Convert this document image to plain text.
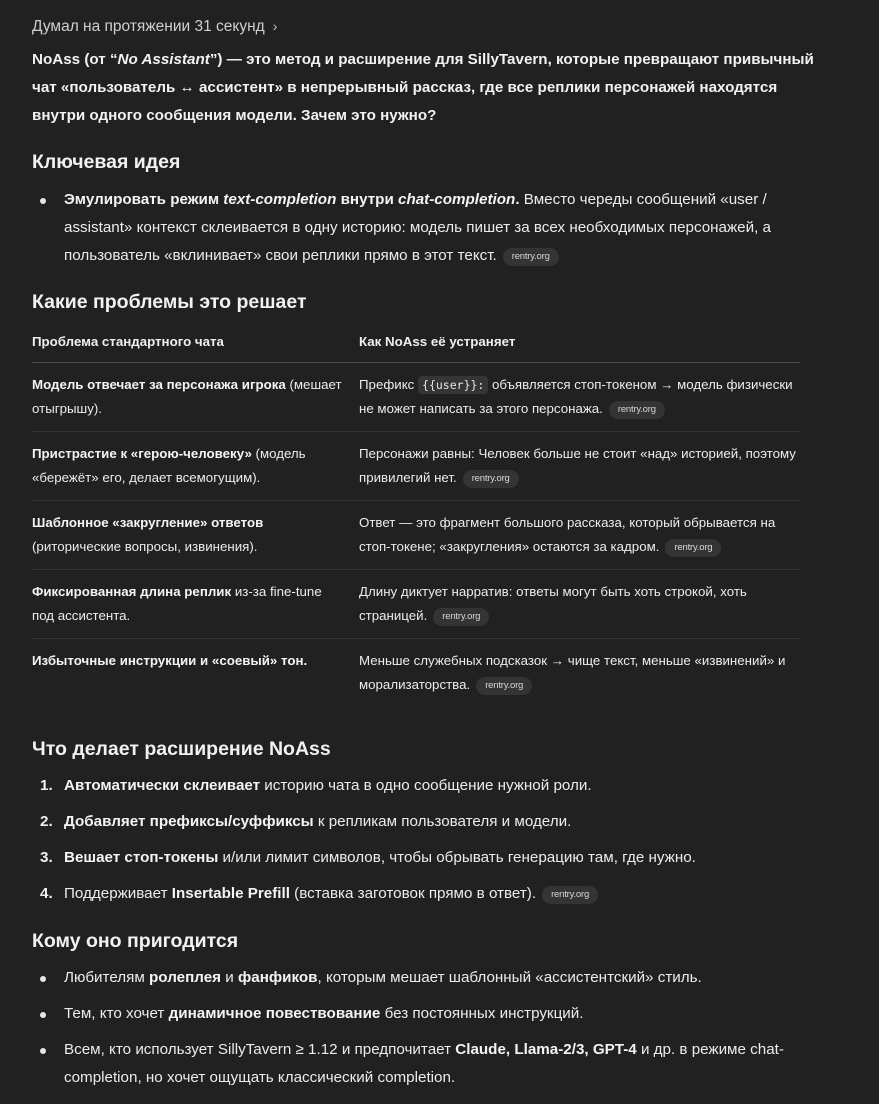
Думал на протяжении 31 секунд ›

NoAss (от “No Assistant”) — это метод и расширение для SillyTavern, которые превращают привычный чат «пользователь ↔ ассистент» в непрерывный рассказ, где все реплики персонажей находятся внутри одного сообщения модели. Зачем это нужно?

Ключевая идея
Эмулировать режим text-completion внутри chat-completion. Вместо череды сообщений «user / assistant» контекст склеивается в одну историю: модель пишет за всех необходимых персонажей, а пользователь «вклинивает» свои реплики прямо в этот текст. rentry.org
Какие проблемы это решает
Проблема стандартного чата	Как NoAss её устраняет
Модель отвечает за персонажа игрока (мешает отыгрышу).	Префикс {{user}}: объявляется стоп-токеном → модель физически не может написать за этого персонажа. rentry.org
Пристрастие к «герою-человеку» (модель «бережёт» его, делает всемогущим).	Персонажи равны: Человек больше не стоит «над» историей, поэтому привилегий нет. rentry.org
Шаблонное «закругление» ответов (риторические вопросы, извинения).	Ответ — это фрагмент большого рассказа, который обрывается на стоп-токене; «закругления» остаются за кадром. rentry.org
Фиксированная длина реплик из-за fine-tune под ассистента.	Длину диктует нарратив: ответы могут быть хоть строкой, хоть страницей. rentry.org
Избыточные инструкции и «соевый» тон.	Меньше служебных подсказок → чище текст, меньше «извинений» и морализаторства. rentry.org
Что делает расширение NoAss
1. Автоматически склеивает историю чата в одно сообщение нужной роли.
2. Добавляет префиксы/суффиксы к репликам пользователя и модели.
3. Вешает стоп-токены и/или лимит символов, чтобы обрывать генерацию там, где нужно.
4. Поддерживает Insertable Prefill (вставка заготовок прямо в ответ). rentry.org
Кому оно пригодится
Любителям ролеплея и фанфиков, которым мешает шаблонный «ассистентский» стиль.
Тем, кто хочет динамичное повествование без постоянных инструкций.
Всем, кто использует SillyTavern ≥ 1.12 и предпочитает Claude, Llama-2/3, GPT-4 и др. в режиме chat-completion, но хочет ощущать классический completion.
